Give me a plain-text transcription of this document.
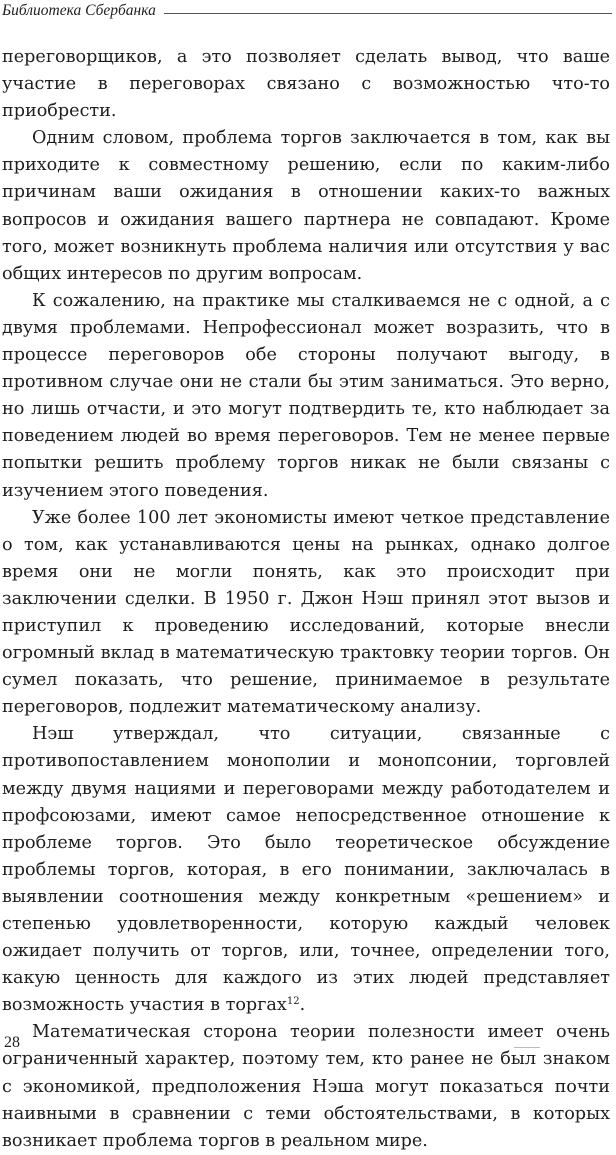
Библиотека Сбербанка

переговорщиков, а это позволяет сделать вывод, что ваше участие в переговорах связано с возможностью что-то приобрести.

Одним словом, проблема торгов заключается в том, как вы приходите к совместному решению, если по каким-либо причинам ваши ожидания в отношении каких-то важных вопросов и ожидания вашего партнера не совпадают. Кроме того, может возникнуть проблема наличия или отсутствия у вас общих интересов по другим вопросам.

К сожалению, на практике мы сталкиваемся не с одной, а с двумя проблемами. Непрофессионал может возразить, что в процессе переговоров обе стороны получают выгоду, в противном случае они не стали бы этим заниматься. Это верно, но лишь отчасти, и это могут подтвердить те, кто наблюдает за поведением людей во время переговоров. Тем не менее первые попытки решить проблему торгов никак не были связаны с изучением этого поведения.

Уже более 100 лет экономисты имеют четкое представление о том, как устанавливаются цены на рынках, однако долгое время они не могли понять, как это происходит при заключении сделки. В 1950 г. Джон Нэш принял этот вызов и приступил к проведению исследований, которые внесли огромный вклад в математическую трактовку теории торгов. Он сумел показать, что решение, принимаемое в результате переговоров, подлежит математическому анализу.

Нэш утверждал, что ситуации, связанные с противопоставлением монополии и монопсонии, торговлей между двумя нациями и переговорами между работодателем и профсоюзами, имеют самое непосредственное отношение к проблеме торгов. Это было теоретическое обсуждение проблемы торгов, которая, в его понимании, заключалась в выявлении соотношения между конкретным «решением» и степенью удовлетворенности, которую каждый человек ожидает получить от торгов, или, точнее, определении того, какую ценность для каждого из этих людей представляет возможность участия в торгах$^{12}$.

Математическая сторона теории полезности имеет очень ограниченный характер, поэтому тем, кто ранее не был знаком с экономикой, предположения Нэша могут показаться почти наивными в сравнении с теми обстоятельствами, в которых возникает проблема торгов в реальном мире.

28
